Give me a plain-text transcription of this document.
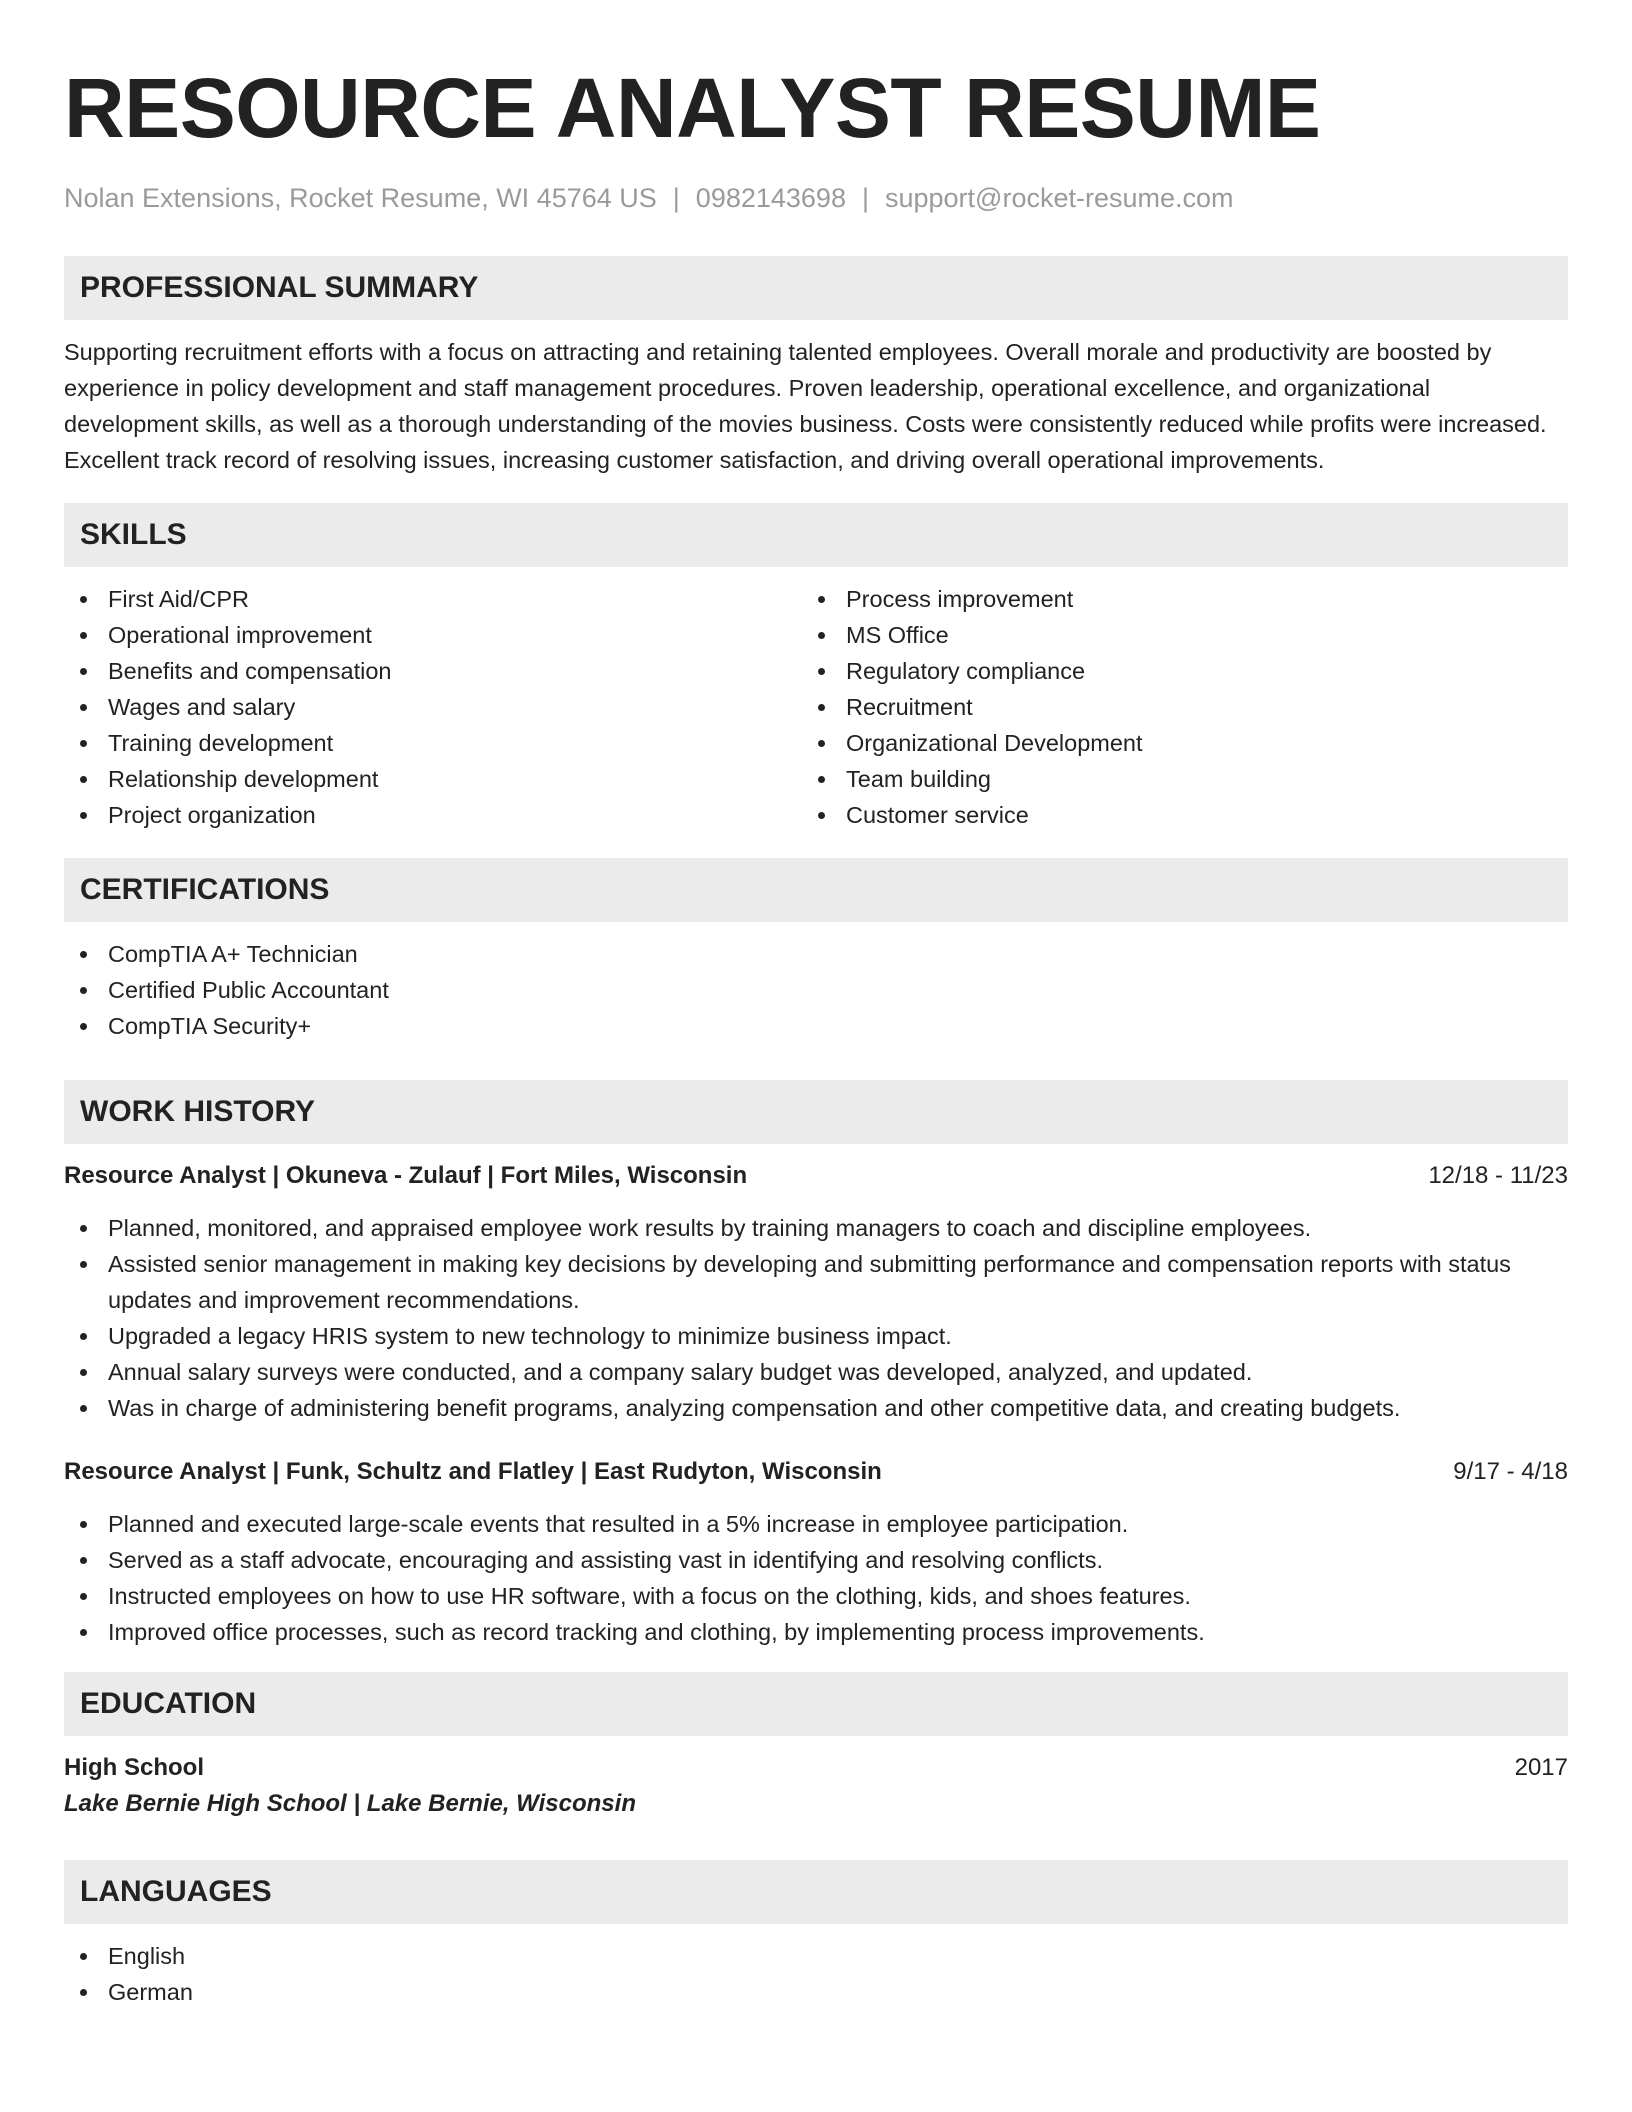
RESOURCE ANALYST RESUME
Nolan Extensions, Rocket Resume, WI 45764 US | 0982143698 | support@rocket-resume.com
PROFESSIONAL SUMMARY
Supporting recruitment efforts with a focus on attracting and retaining talented employees. Overall morale and productivity are boosted by experience in policy development and staff management procedures. Proven leadership, operational excellence, and organizational development skills, as well as a thorough understanding of the movies business. Costs were consistently reduced while profits were increased. Excellent track record of resolving issues, increasing customer satisfaction, and driving overall operational improvements.
SKILLS
First Aid/CPR
Operational improvement
Benefits and compensation
Wages and salary
Training development
Relationship development
Project organization
Process improvement
MS Office
Regulatory compliance
Recruitment
Organizational Development
Team building
Customer service
CERTIFICATIONS
CompTIA A+ Technician
Certified Public Accountant
CompTIA Security+
WORK HISTORY
Resource Analyst | Okuneva - Zulauf | Fort Miles, Wisconsin	12/18 - 11/23
Planned, monitored, and appraised employee work results by training managers to coach and discipline employees.
Assisted senior management in making key decisions by developing and submitting performance and compensation reports with status updates and improvement recommendations.
Upgraded a legacy HRIS system to new technology to minimize business impact.
Annual salary surveys were conducted, and a company salary budget was developed, analyzed, and updated.
Was in charge of administering benefit programs, analyzing compensation and other competitive data, and creating budgets.
Resource Analyst | Funk, Schultz and Flatley | East Rudyton, Wisconsin	9/17 - 4/18
Planned and executed large-scale events that resulted in a 5% increase in employee participation.
Served as a staff advocate, encouraging and assisting vast in identifying and resolving conflicts.
Instructed employees on how to use HR software, with a focus on the clothing, kids, and shoes features.
Improved office processes, such as record tracking and clothing, by implementing process improvements.
EDUCATION
High School	2017
Lake Bernie High School | Lake Bernie, Wisconsin
LANGUAGES
English
German
